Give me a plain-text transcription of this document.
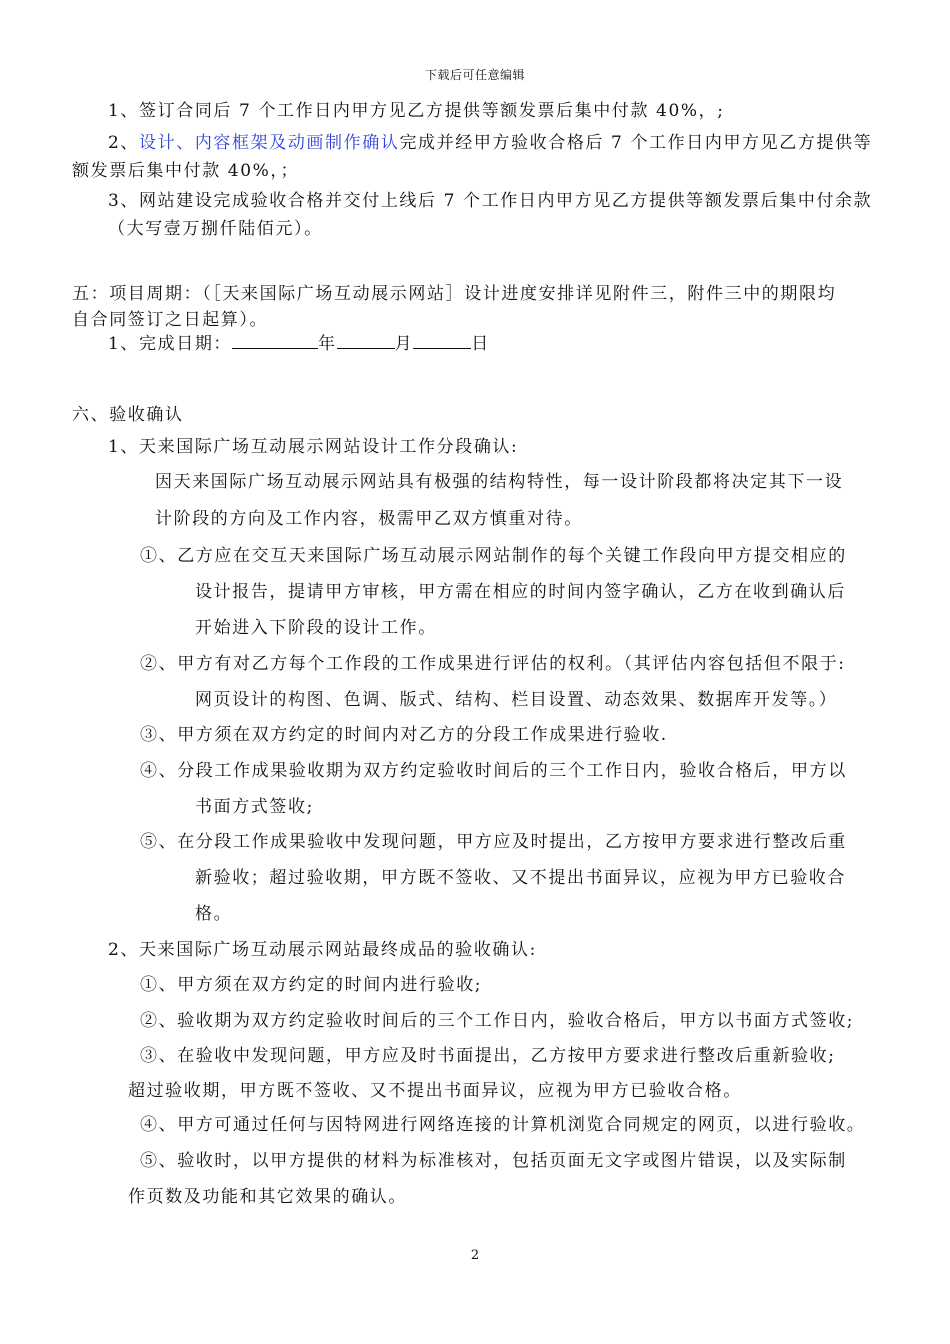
下载后可任意编辑
1、签订合同后 7 个工作日内甲方见乙方提供等额发票后集中付款 40%，;
2、设计、内容框架及动画制作确认完成并经甲方验收合格后 7 个工作日内甲方见乙方提供等
额发票后集中付款 40%，；
3、网站建设完成验收合格并交付上线后 7 个工作日内甲方见乙方提供等额发票后集中付余款
（大写壹万捌仟陆佰元）。
五：项目周期：（［天来国际广场互动展示网站］设计进度安排详见附件三，附件三中的期限均
自合同签订之日起算）。
1、完成日期：	年	月	日
六、验收确认
1、天来国际广场互动展示网站设计工作分段确认:
因天来国际广场互动展示网站具有极强的结构特性，每一设计阶段都将决定其下一设
计阶段的方向及工作内容，极需甲乙双方慎重对待。
①、乙方应在交互天来国际广场互动展示网站制作的每个关键工作段向甲方提交相应的
设计报告，提请甲方审核，甲方需在相应的时间内签字确认，乙方在收到确认后
开始进入下阶段的设计工作。
②、甲方有对乙方每个工作段的工作成果进行评估的权利。（其评估内容包括但不限于:
网页设计的构图、色调、版式、结构、栏目设置、动态效果、数据库开发等。）
③、甲方须在双方约定的时间内对乙方的分段工作成果进行验收.
④、分段工作成果验收期为双方约定验收时间后的三个工作日内，验收合格后，甲方以
书面方式签收;
⑤、在分段工作成果验收中发现问题，甲方应及时提出，乙方按甲方要求进行整改后重
新验收；超过验收期，甲方既不签收、又不提出书面异议，应视为甲方已验收合
格。
2、天来国际广场互动展示网站最终成品的验收确认:
①、甲方须在双方约定的时间内进行验收;
②、验收期为双方约定验收时间后的三个工作日内，验收合格后，甲方以书面方式签收;
③、在验收中发现问题，甲方应及时书面提出，乙方按甲方要求进行整改后重新验收;
超过验收期，甲方既不签收、又不提出书面异议，应视为甲方已验收合格。
④、甲方可通过任何与因特网进行网络连接的计算机浏览合同规定的网页，以进行验收。
⑤、验收时，以甲方提供的材料为标准核对，包括页面无文字或图片错误，以及实际制
作页数及功能和其它效果的确认。
2
